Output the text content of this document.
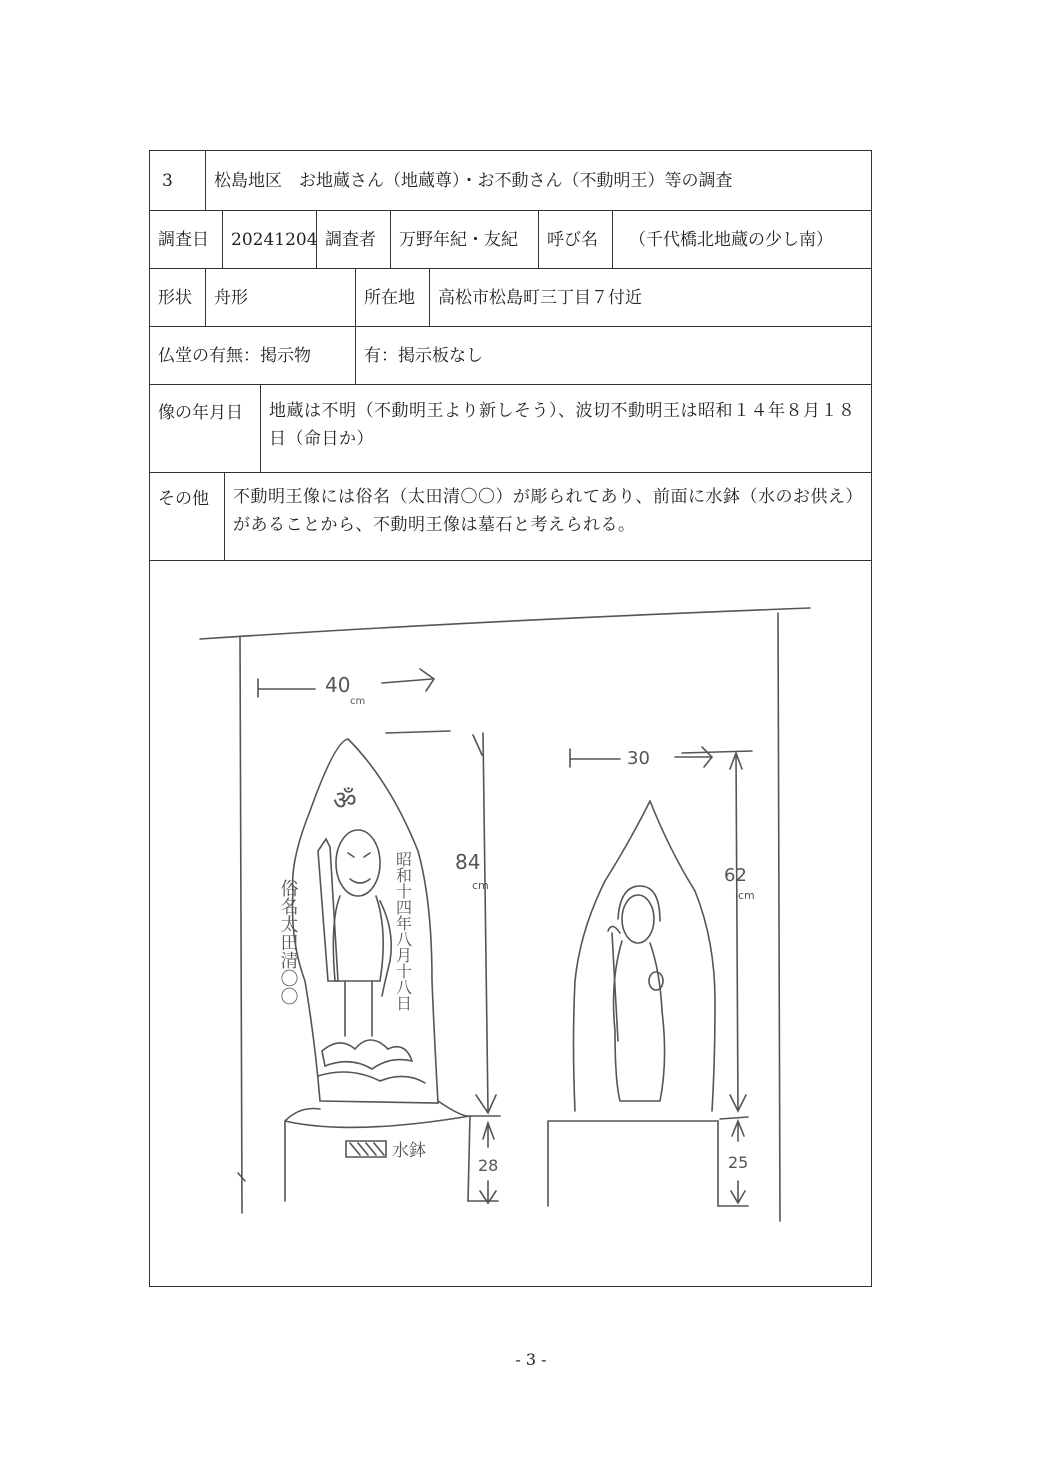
3	松島地区　お地蔵さん（地蔵尊）・お不動さん（不動明王）等の調査
調査日	20241204 調査者	万野年紀・友紀	呼び名	（千代橋北地蔵の少し南）
形状	舟形	所在地	高松市松島町三丁目７付近
仏堂の有無：掲示物	有：掲示板なし
像の年月日	地蔵は不明（不動明王より新しそう）、波切不動明王は昭和１４年８月１８日（命日か）
その他	不動明王像には俗名（太田清〇〇）が彫られてあり、前面に水鉢（水のお供え）があることから、不動明王像は墓石と考えられる。
40
cm
水鉢
ॐ
俗名太田清〇〇	昭和十四年八月十八日 84
cm
28
30
62
cm
25
- 3 -
